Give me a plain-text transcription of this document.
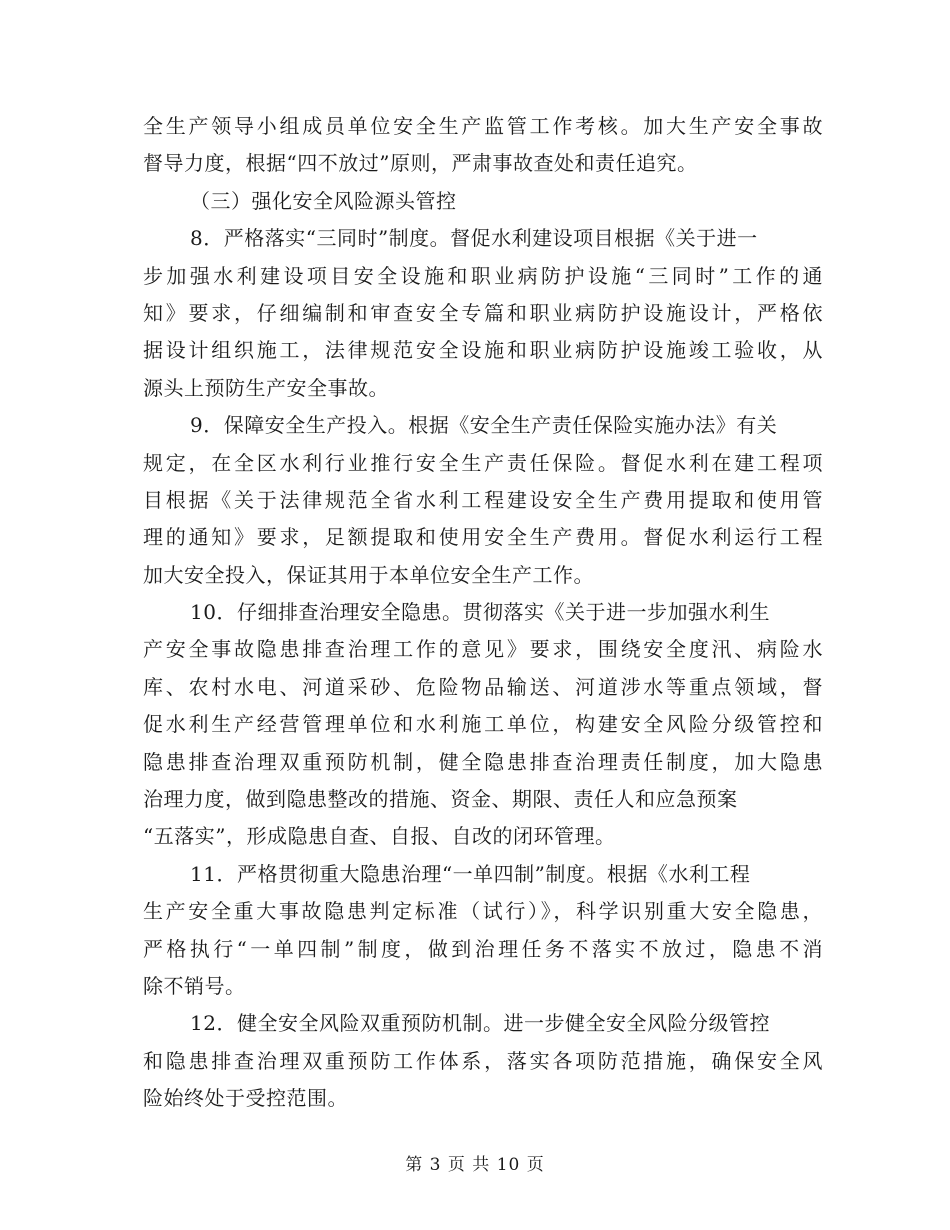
全生产领导小组成员单位安全生产监管工作考核。加大生产安全事故
督导力度，根据“四不放过”原则，严肃事故查处和责任追究。
（三）强化安全风险源头管控
8．严格落实“三同时”制度。督促水利建设项目根据《关于进一
步加强水利建设项目安全设施和职业病防护设施“三同时”工作的通
知》要求，仔细编制和审查安全专篇和职业病防护设施设计，严格依
据设计组织施工，法律规范安全设施和职业病防护设施竣工验收，从
源头上预防生产安全事故。
9．保障安全生产投入。根据《安全生产责任保险实施办法》有关
规定，在全区水利行业推行安全生产责任保险。督促水利在建工程项
目根据《关于法律规范全省水利工程建设安全生产费用提取和使用管
理的通知》要求，足额提取和使用安全生产费用。督促水利运行工程
加大安全投入，保证其用于本单位安全生产工作。
10．仔细排查治理安全隐患。贯彻落实《关于进一步加强水利生
产安全事故隐患排查治理工作的意见》要求，围绕安全度汛、病险水
库、农村水电、河道采砂、危险物品输送、河道涉水等重点领域，督
促水利生产经营管理单位和水利施工单位，构建安全风险分级管控和
隐患排查治理双重预防机制，健全隐患排查治理责任制度，加大隐患
治理力度，做到隐患整改的措施、资金、期限、责任人和应急预案
“五落实”，形成隐患自查、自报、自改的闭环管理。
11．严格贯彻重大隐患治理“一单四制”制度。根据《水利工程
生产安全重大事故隐患判定标准（试行）》，科学识别重大安全隐患，
严格执行“一单四制”制度，做到治理任务不落实不放过，隐患不消
除不销号。
12．健全安全风险双重预防机制。进一步健全安全风险分级管控
和隐患排查治理双重预防工作体系，落实各项防范措施，确保安全风
险始终处于受控范围。
第 3 页 共 10 页
